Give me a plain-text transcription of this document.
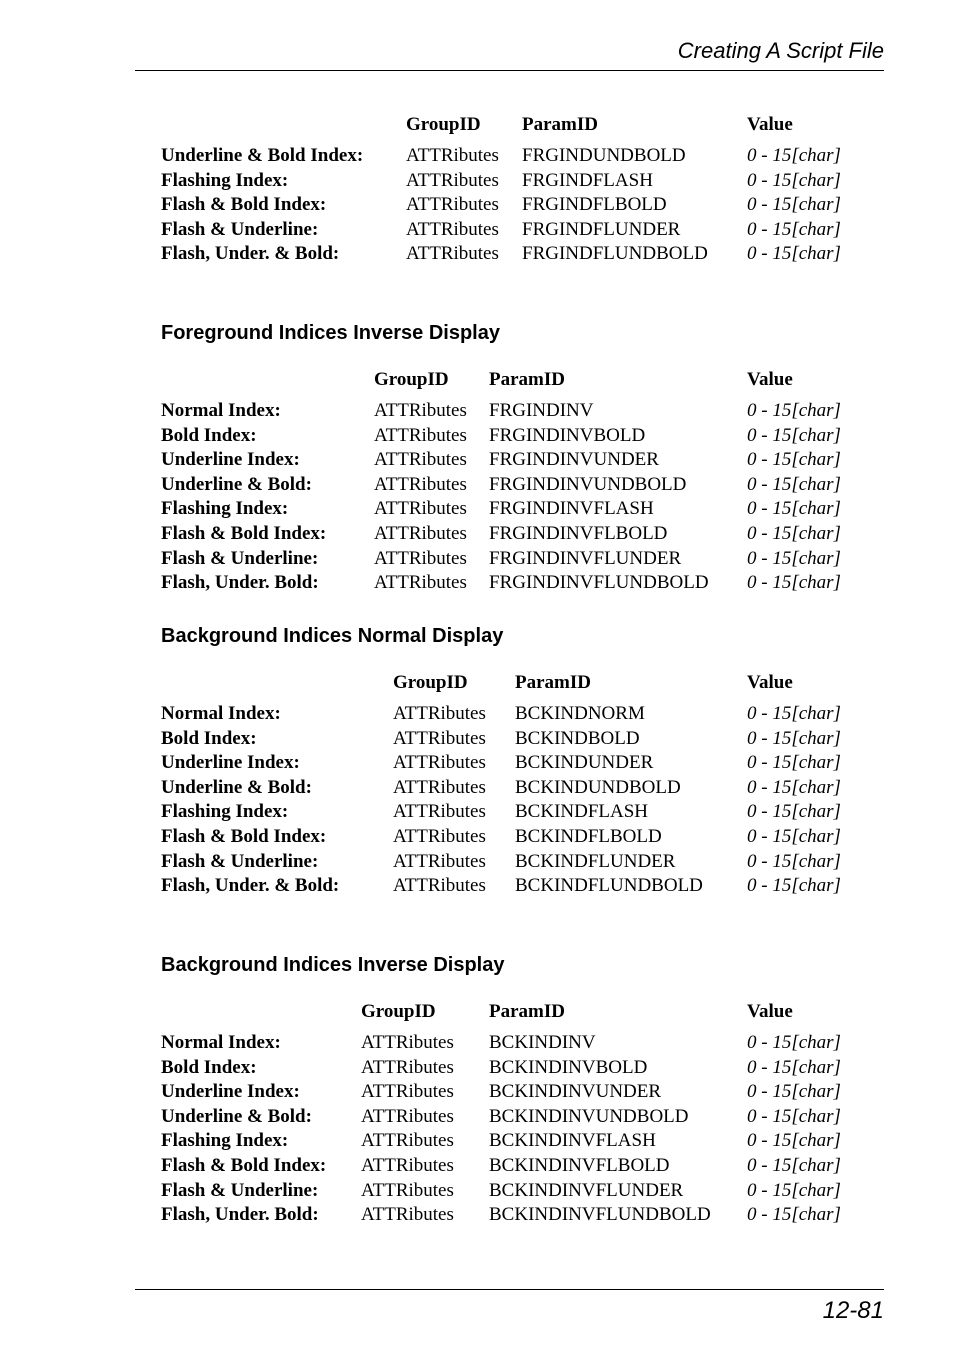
Creating A Script File
GroupID ParamID	Value
Underline & Bold Index: ATTRibutes FRGINDUNDBOLD	0 - 15[char]
Flashing Index:	ATTRibutes FRGINDFLASH	0 - 15[char]
Flash & Bold Index:	ATTRibutes FRGINDFLBOLD	0 - 15[char]
Flash & Underline:	ATTRibutes FRGINDFLUNDER	0 - 15[char]
Flash, Under. & Bold:	ATTRibutes FRGINDFLUNDBOLD 0 - 15[char]
Foreground Indices Inverse Display
GroupID ParamID	Value
Normal Index:	ATTRibutes FRGINDINV	0 - 15[char]
Bold Index:	ATTRibutes FRGINDINVBOLD	0 - 15[char]
Underline Index:	ATTRibutes FRGINDINVUNDER	0 - 15[char]
Underline & Bold:	ATTRibutes FRGINDINVUNDBOLD	0 - 15[char]
Flashing Index:	ATTRibutes FRGINDINVFLASH	0 - 15[char]
Flash & Bold Index:	ATTRibutes FRGINDINVFLBOLD	0 - 15[char]
Flash & Underline:	ATTRibutes FRGINDINVFLUNDER	0 - 15[char]
Flash, Under. Bold:	ATTRibutes FRGINDINVFLUNDBOLD 0 - 15[char]
Background Indices Normal Display
GroupID ParamID	Value
Normal Index:	ATTRibutes BCKINDNORM	0 - 15[char]
Bold Index:	ATTRibutes BCKINDBOLD	0 - 15[char]
Underline Index:	ATTRibutes BCKINDUNDER	0 - 15[char]
Underline & Bold:	ATTRibutes BCKINDUNDBOLD	0 - 15[char]
Flashing Index:	ATTRibutes BCKINDFLASH	0 - 15[char]
Flash & Bold Index:	ATTRibutes BCKINDFLBOLD	0 - 15[char]
Flash & Underline:	ATTRibutes BCKINDFLUNDER	0 - 15[char]
Flash, Under. & Bold:	ATTRibutes BCKINDFLUNDBOLD 0 - 15[char]
Background Indices Inverse Display
GroupID	ParamID	Value
Normal Index:	ATTRibutes BCKINDINV	0 - 15[char]
Bold Index:	ATTRibutes BCKINDINVBOLD	0 - 15[char]
Underline Index:	ATTRibutes BCKINDINVUNDER	0 - 15[char]
Underline & Bold:	ATTRibutes BCKINDINVUNDBOLD	0 - 15[char]
Flashing Index:	ATTRibutes BCKINDINVFLASH	0 - 15[char]
Flash & Bold Index: ATTRibutes BCKINDINVFLBOLD	0 - 15[char]
Flash & Underline: ATTRibutes BCKINDINVFLUNDER	0 - 15[char]
Flash, Under. Bold: ATTRibutes BCKINDINVFLUNDBOLD 0 - 15[char]
12-81
